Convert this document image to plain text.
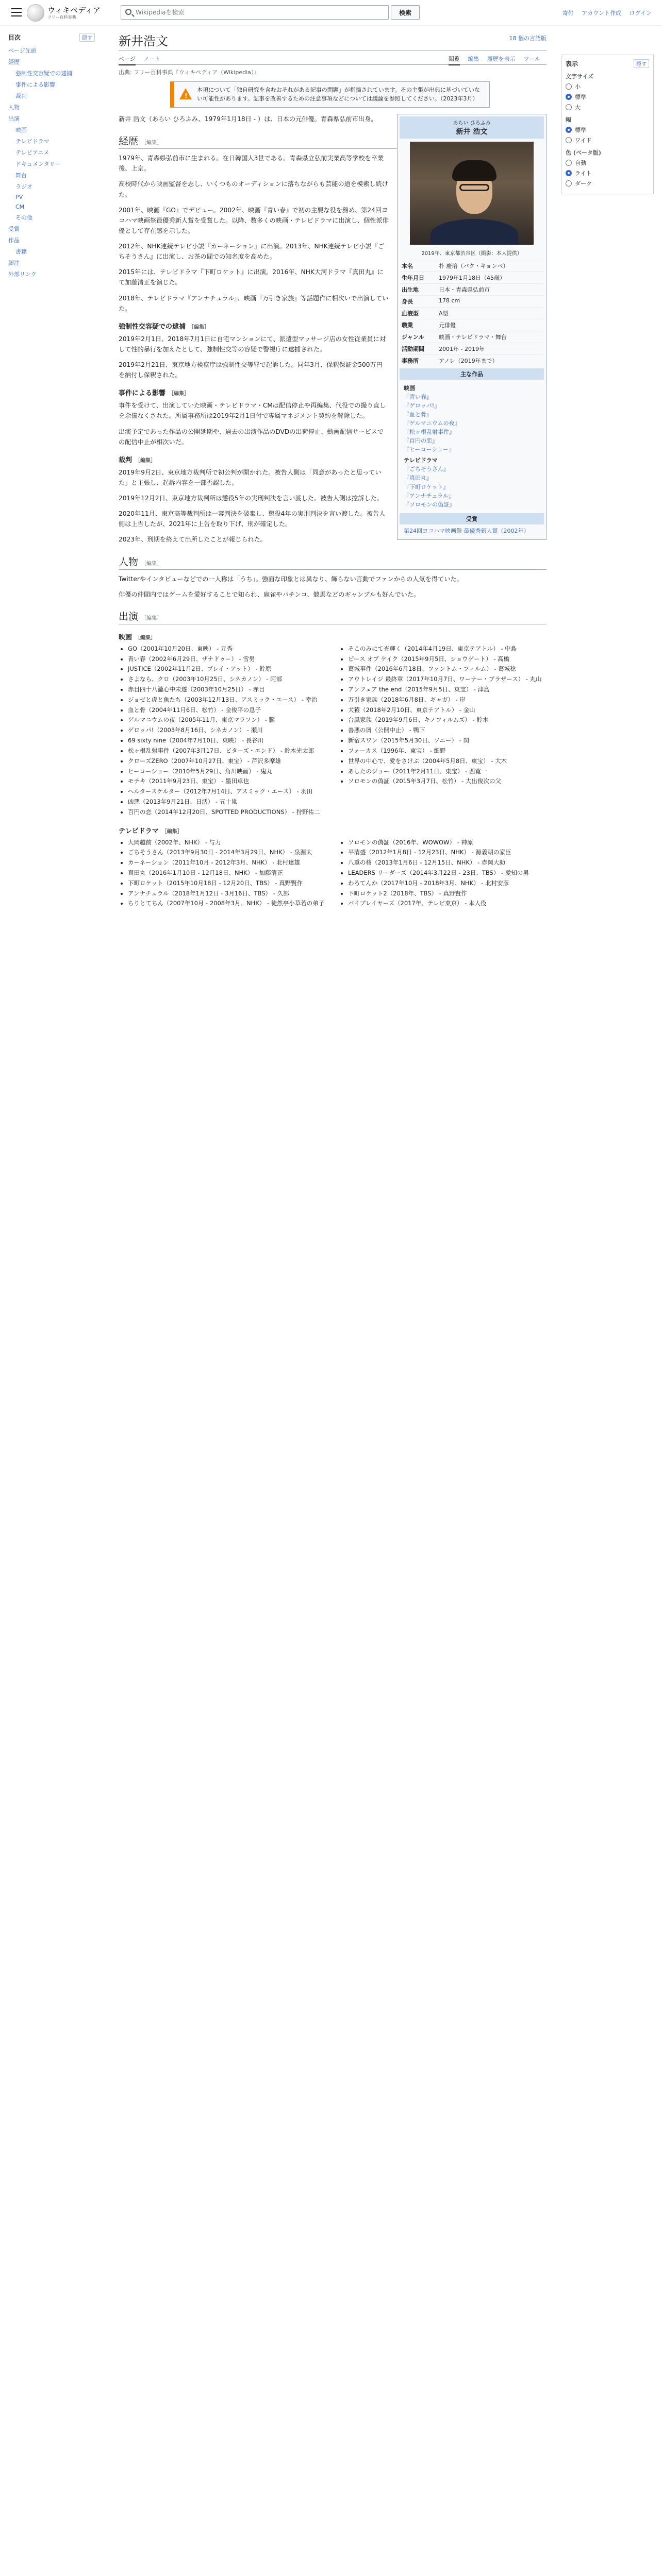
ウィキペディア
フリー百科事典
Wikipediaを検索
検索	寄付 アカウント作成 ログイン
目次	隠す
ページ先頭
経歴
強制性交容疑での逮捕
事件による影響
裁判
人物
出演
映画
テレビドラマ
テレビアニメ
ドキュメンタリー
舞台
ラジオ
PV
CM
その他
受賞
作品
書籍
脚注
外部リンク
新井浩文	18 個の言語版
ページ ノート	閲覧 編集 履歴を表示 ツール
出典: フリー百科事典『ウィキペディア（Wikipedia）』
!
本項について「独自研究を含むおそれがある記事の問題」が指摘されています。その主張が出典に基づいていない可能性があります。記事を改善するための注意事項などについては議論を参照してください。（2023年3月）
あらい ひろふみ
新井 浩文
2019年、東京都渋谷区（撮影：本人提供）
本名	朴 慶培（パク・キョンベ）
生年月日	1979年1月18日（45歳）
出生地	日本・青森県弘前市
身長	178 cm
血液型	A型
職業	元俳優
ジャンル	映画・テレビドラマ・舞台
活動期間	2001年 - 2019年
事務所	アノレ（2019年まで）
主な作品
映画
『青い春』
『ゲロッパ!』
『血と骨』
『ゲルマニウムの夜』
『松ヶ根乱射事件』
『百円の恋』
『ヒーローショー』
テレビドラマ
『ごちそうさん』
『真田丸』
『下町ロケット』
『アンナチュラル』
『ソロモンの偽証』
受賞
第24回ヨコハマ映画祭 最優秀新人賞（2002年）

新井 浩文（あらい ひろふみ、1979年1月18日 - ）は、日本の元俳優。青森県弘前市出身。

経歴 ［編集］

1979年、青森県弘前市に生まれる。在日韓国人3世である。青森県立弘前実業高等学校を卒業後、上京。

高校時代から映画監督を志し、いくつものオーディションに落ちながらも芸能の道を模索し続けた。

2001年、映画『GO』でデビュー。2002年、映画『青い春』で初の主要な役を務め、第24回ヨコハマ映画祭最優秀新人賞を受賞した。以降、数多くの映画・テレビドラマに出演し、個性派俳優として存在感を示した。

2012年、NHK連続テレビ小説『カーネーション』に出演。2013年、NHK連続テレビ小説『ごちそうさん』に出演し、お茶の間での知名度を高めた。

2015年には、テレビドラマ『下町ロケット』に出演。2016年、NHK大河ドラマ『真田丸』にて加藤清正を演じた。

2018年、テレビドラマ『アンナチュラル』、映画『万引き家族』等話題作に相次いで出演していた。

強制性交容疑での逮捕 ［編集］

2019年2月1日、2018年7月1日に自宅マンションにて、派遣型マッサージ店の女性従業員に対して性的暴行を加えたとして、強制性交等の容疑で警視庁に逮捕された。

2019年2月21日、東京地方検察庁は強制性交等罪で起訴した。同年3月、保釈保証金500万円を納付し保釈された。

事件による影響 ［編集］

事件を受けて、出演していた映画・テレビドラマ・CMは配信停止や再編集、代役での撮り直しを余儀なくされた。所属事務所は2019年2月1日付で専属マネジメント契約を解除した。

出演予定であった作品の公開延期や、過去の出演作品のDVDの出荷停止、動画配信サービスでの配信中止が相次いだ。

裁判 ［編集］

2019年9月2日、東京地方裁判所で初公判が開かれた。被告人側は「同意があったと思っていた」と主張し、起訴内容を一部否認した。

2019年12月2日、東京地方裁判所は懲役5年の実刑判決を言い渡した。被告人側は控訴した。

2020年11月、東京高等裁判所は一審判決を破棄し、懲役4年の実刑判決を言い渡した。被告人側は上告したが、2021年に上告を取り下げ、刑が確定した。

2023年、刑期を終えて出所したことが報じられた。

人物 ［編集］

Twitterやインタビューなどでの一人称は「うち」。強面な印象とは異なり、飾らない言動でファンからの人気を得ていた。

俳優の仲間内ではゲームを愛好することで知られ、麻雀やパチンコ、競馬などのギャンブルも好んでいた。

出演 ［編集］
映画 ［編集］
• GO（2001年10月20日、東映） - 元秀
• 青い春（2002年6月29日、ザナドゥー） - 雪男
• JUSTICE（2002年11月2日、プレイ・アット） - 鈴原
• さよなら、クロ（2003年10月25日、シネカノン） - 阿部
• 赤目四十八瀧心中未遂（2003年10月25日） - 赤目
• ジョゼと虎と魚たち（2003年12月13日、アスミック・エース） - 幸治
• 血と骨（2004年11月6日、松竹） - 金俊平の息子
• ゲルマニウムの夜（2005年11月、東京マラソン） - 朧
• ゲロッパ!（2003年8月16日、シネカノン） - 瀬川
• 69 sixty nine（2004年7月10日、東映） - 長谷川
• 松ヶ根乱射事件（2007年3月17日、ビターズ・エンド） - 鈴木光太郎
• クローズZERO（2007年10月27日、東宝） - 芹沢多摩雄
• ヒーローショー（2010年5月29日、角川映画） - 鬼丸
• モテキ（2011年9月23日、東宝） - 墨田卓也
• ヘルタースケルター（2012年7月14日、アスミック・エース） - 羽田
• 凶悪（2013年9月21日、日活） - 五十嵐
• 百円の恋（2014年12月20日、SPOTTED PRODUCTIONS） - 狩野祐二
• そこのみにて光輝く（2014年4月19日、東京テアトル） - 中島
• ピース オブ ケイク（2015年9月5日、ショウゲート） - 高橋
• 葛城事件（2016年6月18日、ファントム・フィルム） - 葛城稔
• アウトレイジ 最終章（2017年10月7日、ワーナー・ブラザース） - 丸山
• アンフェア the end（2015年9月5日、東宝） - 津島
• 万引き家族（2018年6月8日、ギャガ） - 岸
• 犬猿（2018年2月10日、東京テアトル） - 金山
• 台風家族（2019年9月6日、キノフィルムズ） - 鈴木
• 善悪の屑（公開中止） - 鴨下
• 新宿スワン（2015年5月30日、ソニー） - 関
• フォーカス（1996年、東宝） - 細野
• 世界の中心で、愛をさけぶ（2004年5月8日、東宝） - 大木
• あしたのジョー（2011年2月11日、東宝） - 西寛一
• ソロモンの偽証（2015年3月7日、松竹） - 大出俊次の父
テレビドラマ ［編集］
• 大岡越前（2002年、NHK） - 与力
• ごちそうさん（2013年9月30日 - 2014年3月29日、NHK） - 泉源太
• カーネーション（2011年10月 - 2012年3月、NHK） - 北村達雄
• 真田丸（2016年1月10日 - 12月18日、NHK） - 加藤清正
• 下町ロケット（2015年10月18日 - 12月20日、TBS） - 真野賢作
• アンナチュラル（2018年1月12日 - 3月16日、TBS） - 久部
• ちりとてちん（2007年10月 - 2008年3月、NHK） - 徒然亭小草若の弟子
• ソロモンの偽証（2016年、WOWOW） - 神原
• 平清盛（2012年1月8日 - 12月23日、NHK） - 源義朝の家臣
• 八重の桜（2013年1月6日 - 12月15日、NHK） - 赤岡大助
• LEADERS リーダーズ（2014年3月22日 - 23日、TBS） - 愛知の男
• わろてんか（2017年10月 - 2018年3月、NHK） - 北村安彦
• 下町ロケット2（2018年、TBS） - 真野賢作
• バイプレイヤーズ（2017年、テレビ東京） - 本人役
表示	隠す
文字サイズ
小
標準
大
幅
標準
ワイド
色 (ベータ版)
自動
ライト
ダーク
